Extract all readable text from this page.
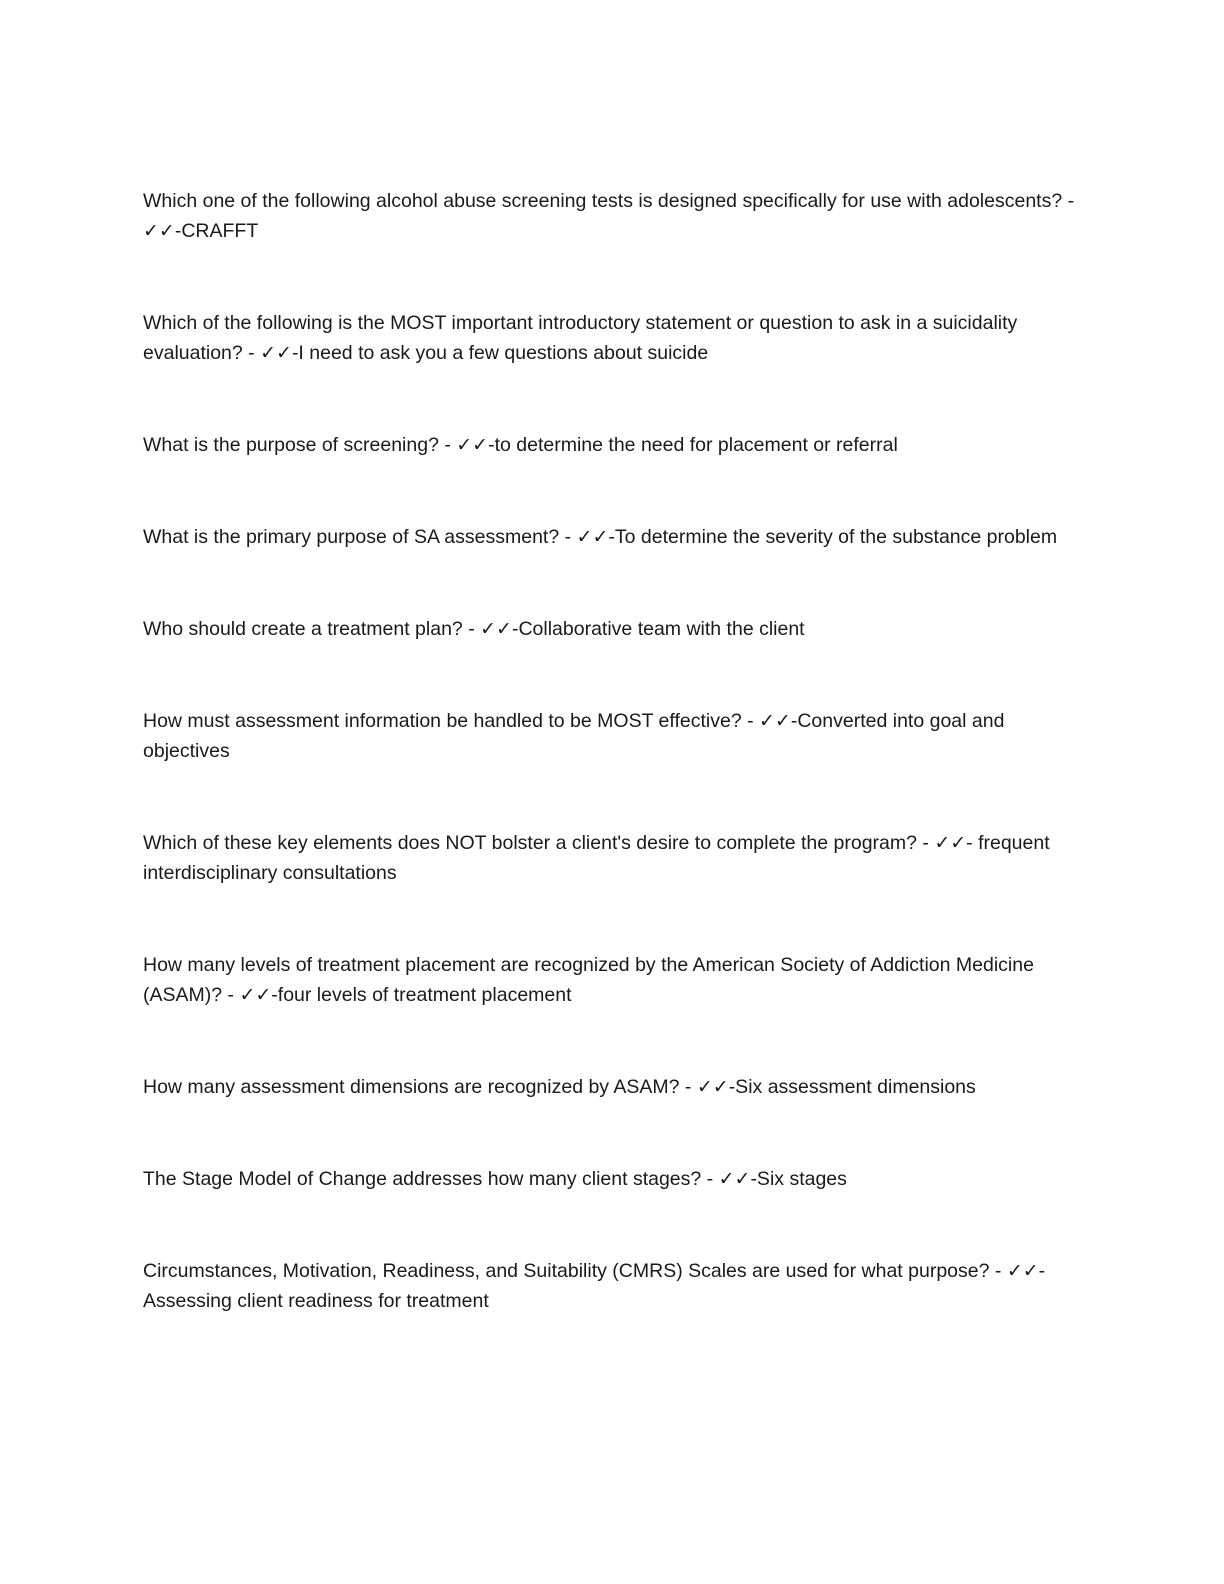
Which one of the following alcohol abuse screening tests is designed specifically for use with adolescents? - ✓✓-CRAFFT
Which of the following is the MOST important introductory statement or question to ask in a suicidality evaluation? - ✓✓-I need to ask you a few questions about suicide
What is the purpose of screening? - ✓✓-to determine the need for placement or referral
What is the primary purpose of SA assessment? - ✓✓-To determine the severity of the substance problem
Who should create a treatment plan? - ✓✓-Collaborative team with the client
How must assessment information be handled to be MOST effective? - ✓✓-Converted into goal and objectives
Which of these key elements does NOT bolster a client's desire to complete the program? - ✓✓- frequent interdisciplinary consultations
How many levels of treatment placement are recognized by the American Society of Addiction Medicine (ASAM)? - ✓✓-four levels of treatment placement
How many assessment dimensions are recognized by ASAM? - ✓✓-Six assessment dimensions
The Stage Model of Change addresses how many client stages? - ✓✓-Six stages
Circumstances, Motivation, Readiness, and Suitability (CMRS) Scales are used for what purpose? - ✓✓- Assessing client readiness for treatment
